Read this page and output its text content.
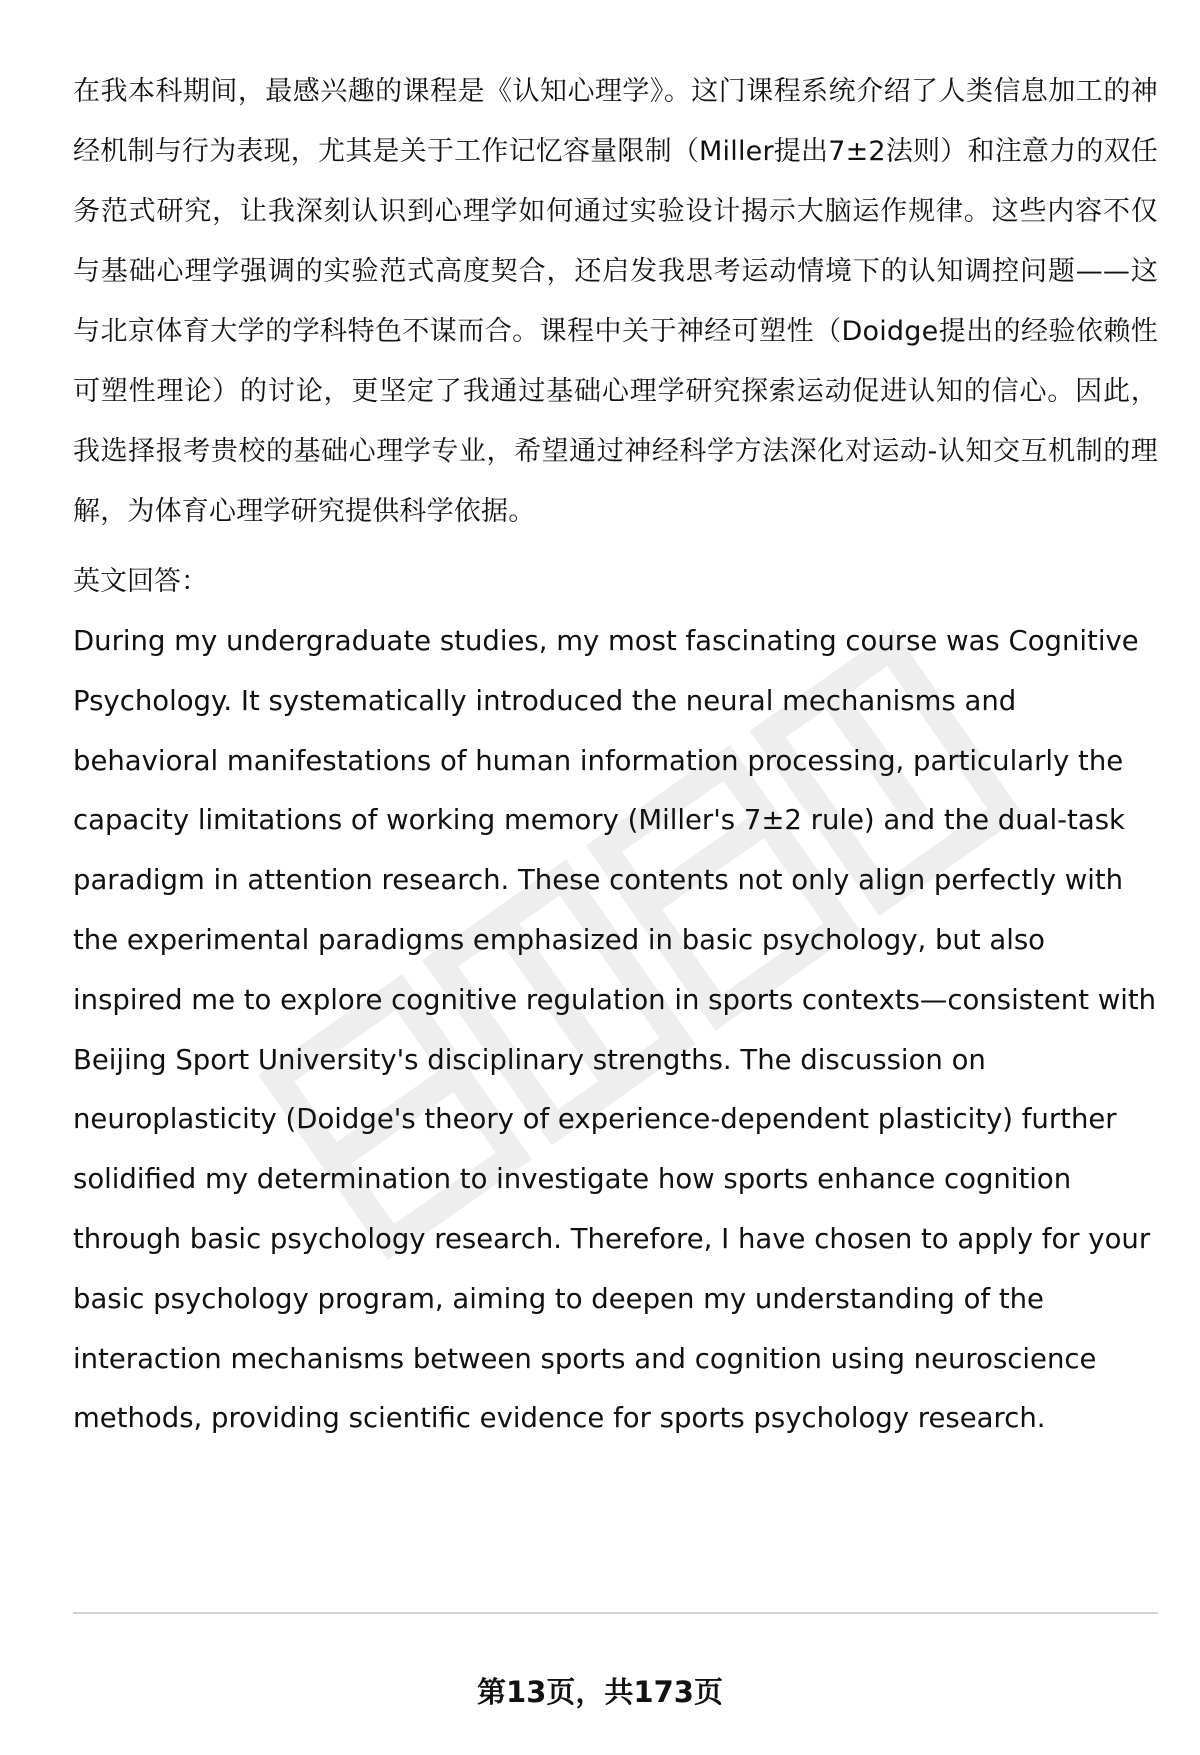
在我本科期间，最感兴趣的课程是《认知心理学》。这门课程系统介绍了人类信息加工的神经机制与行为表现，尤其是关于工作记忆容量限制（Miller提出7±2法则）和注意力的双任务范式研究，让我深刻认识到心理学如何通过实验设计揭示大脑运作规律。这些内容不仅与基础心理学强调的实验范式高度契合，还启发我思考运动情境下的认知调控问题——这与北京体育大学的学科特色不谋而合。课程中关于神经可塑性（Doidge提出的经验依赖性可塑性理论）的讨论，更坚定了我通过基础心理学研究探索运动促进认知的信心。因此，我选择报考贵校的基础心理学专业，希望通过神经科学方法深化对运动-认知交互机制的理解，为体育心理学研究提供科学依据。

英文回答：

During my undergraduate studies, my most fascinating course was Cognitive Psychology. It systematically introduced the neural mechanisms and behavioral manifestations of human information processing, particularly the capacity limitations of working memory (Miller's 7±2 rule) and the dual-task paradigm in attention research. These contents not only align perfectly with the experimental paradigms emphasized in basic psychology, but also inspired me to explore cognitive regulation in sports contexts—consistent with Beijing Sport University's disciplinary strengths. The discussion on neuroplasticity (Doidge's theory of experience-dependent plasticity) further solidified my determination to investigate how sports enhance cognition through basic psychology research. Therefore, I have chosen to apply for your basic psychology program, aiming to deepen my understanding of the interaction mechanisms between sports and cognition using neuroscience methods, providing scientific evidence for sports psychology research.

第13页，共173页
